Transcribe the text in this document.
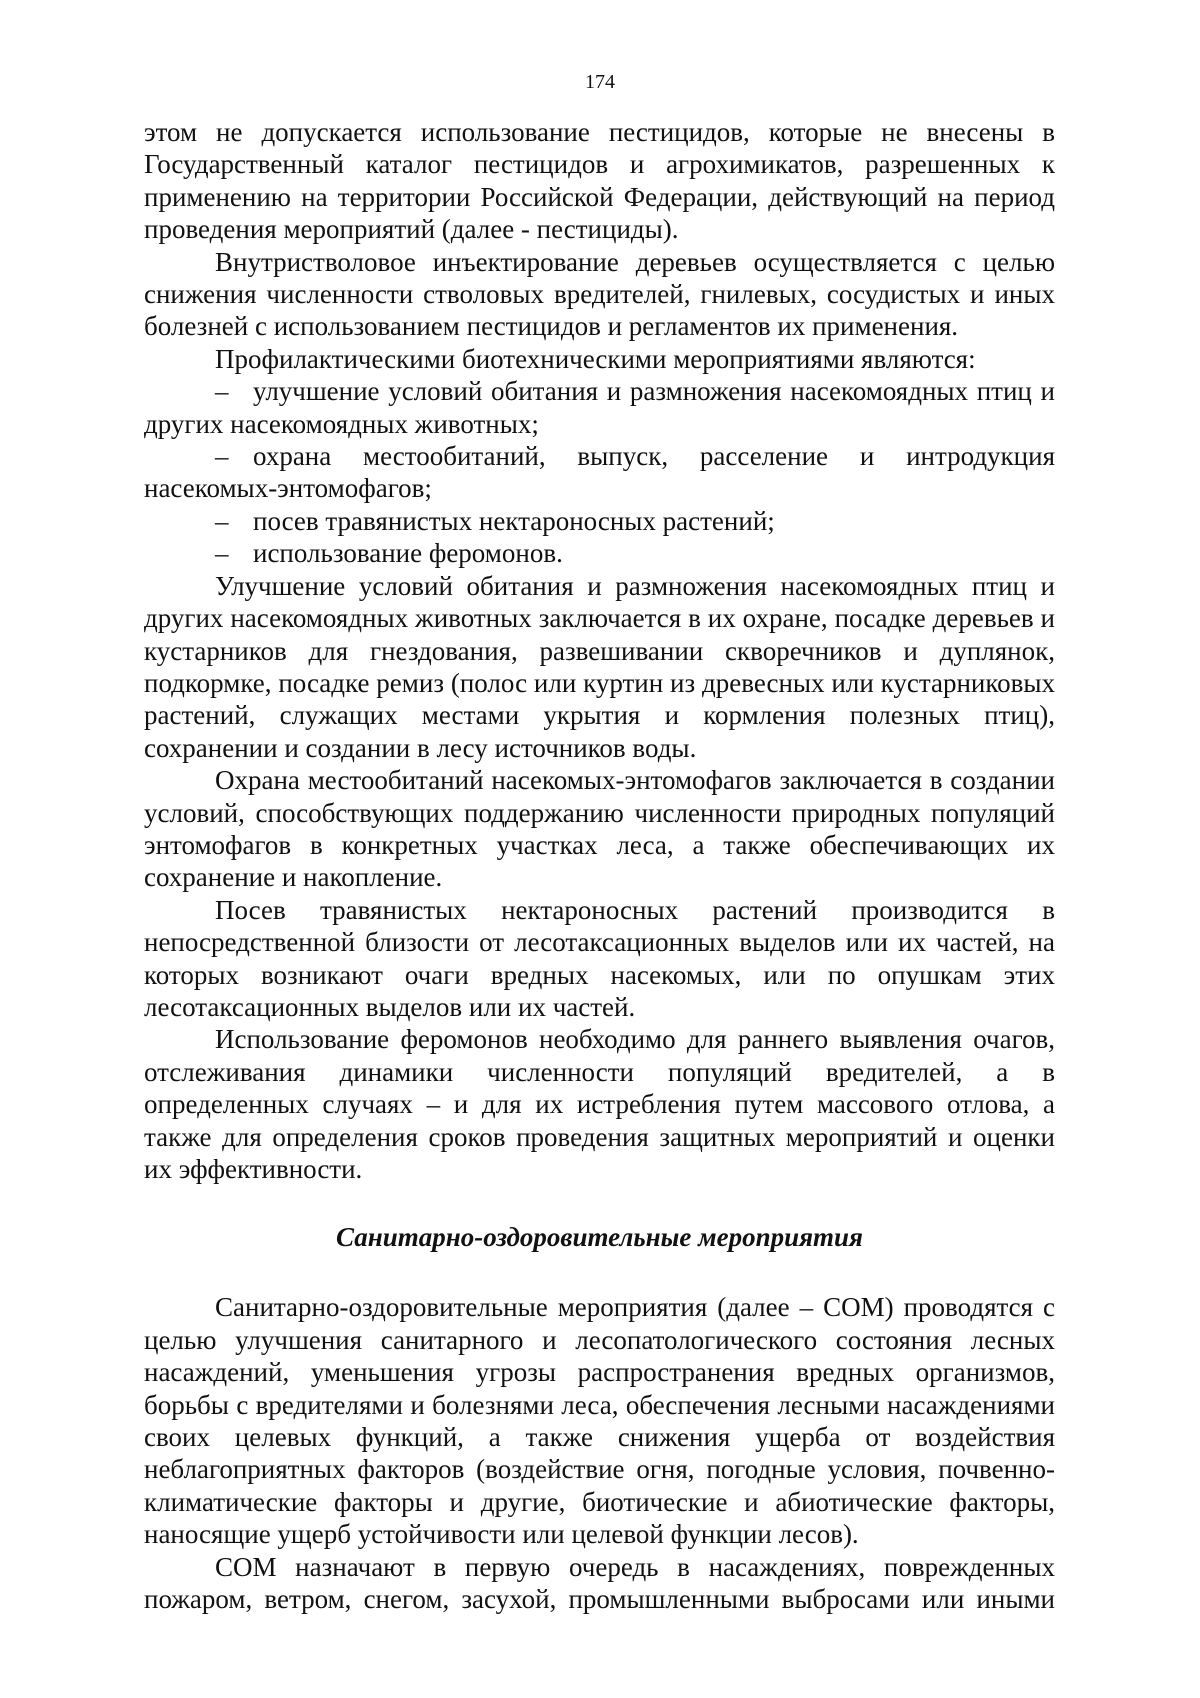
174

этом не допускается использование пестицидов, которые не внесены в Государственный каталог пестицидов и агрохимикатов, разрешенных к применению на территории Российской Федерации, действующий на период проведения мероприятий (далее - пестициды).

Внутристволовое инъектирование деревьев осуществляется с целью снижения численности стволовых вредителей, гнилевых, сосудистых и иных болезней с использованием пестицидов и регламентов их применения.

Профилактическими биотехническими мероприятиями являются:

– улучшение условий обитания и размножения насекомоядных птиц и других насекомоядных животных;

– охрана местообитаний, выпуск, расселение и интродукция насекомых-энтомофагов;

– посев травянистых нектароносных растений;

– использование феромонов.

Улучшение условий обитания и размножения насекомоядных птиц и других насекомоядных животных заключается в их охране, посадке деревьев и кустарников для гнездования, развешивании скворечников и дуплянок, подкормке, посадке ремиз (полос или куртин из древесных или кустарниковых растений, служащих местами укрытия и кормления полезных птиц), сохранении и создании в лесу источников воды.

Охрана местообитаний насекомых-энтомофагов заключается в создании условий, способствующих поддержанию численности природных популяций энтомофагов в конкретных участках леса, а также обеспечивающих их сохранение и накопление.

Посев травянистых нектароносных растений производится в непосредственной близости от лесотаксационных выделов или их частей, на которых возникают очаги вредных насекомых, или по опушкам этих лесотаксационных выделов или их частей.

Использование феромонов необходимо для раннего выявления очагов, отслеживания динамики численности популяций вредителей, а в определенных случаях – и для их истребления путем массового отлова, а также для определения сроков проведения защитных мероприятий и оценки их эффективности.

Санитарно-оздоровительные мероприятия

Санитарно-оздоровительные мероприятия (далее – СОМ) проводятся с целью улучшения санитарного и лесопатологического состояния лесных насаждений, уменьшения угрозы распространения вредных организмов, борьбы с вредителями и болезнями леса, обеспечения лесными насаждениями своих целевых функций, а также снижения ущерба от воздействия неблагоприятных факторов (воздействие огня, погодные условия, почвенно-климатические факторы и другие, биотические и абиотические факторы, наносящие ущерб устойчивости или целевой функции лесов).

СОМ назначают в первую очередь в насаждениях, поврежденных пожаром, ветром, снегом, засухой, промышленными выбросами или иными
